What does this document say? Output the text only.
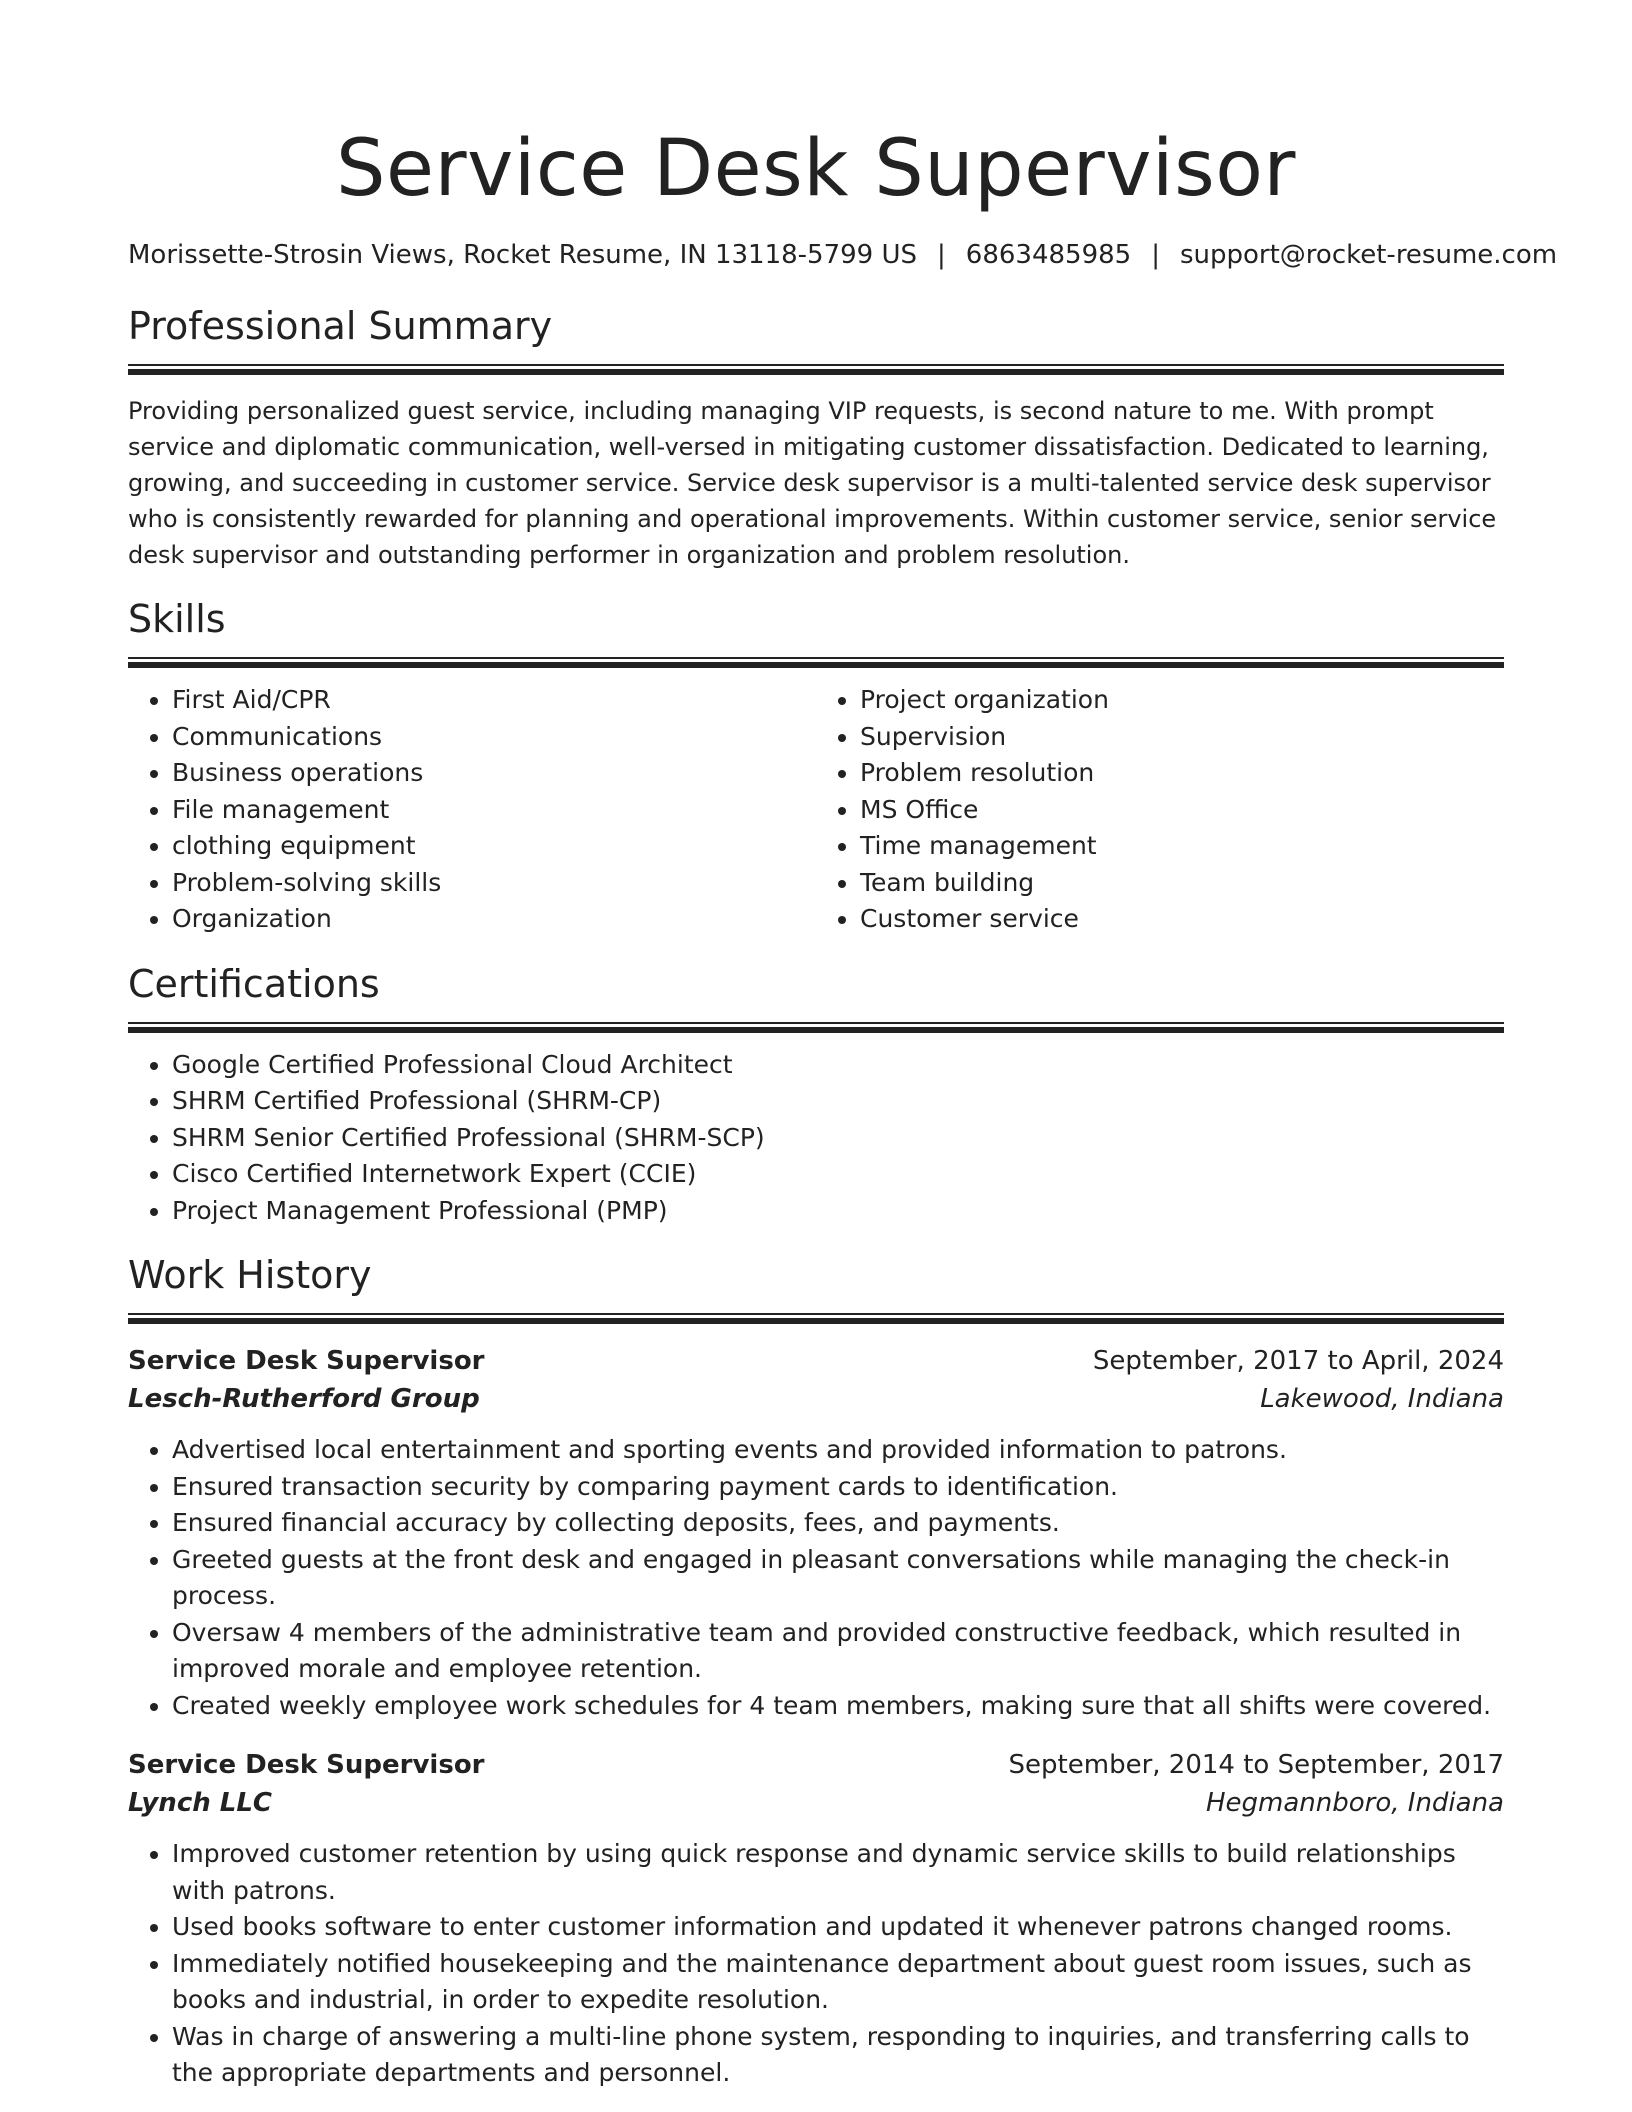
Service Desk Supervisor
Morissette-Strosin Views, Rocket Resume, IN 13118-5799 US | 6863485985 | support@rocket-resume.com
Professional Summary

Providing personalized guest service, including managing VIP requests, is second nature to me. With prompt service and diplomatic communication, well-versed in mitigating customer dissatisfaction. Dedicated to learning, growing, and succeeding in customer service. Service desk supervisor is a multi-talented service desk supervisor who is consistently rewarded for planning and operational improvements. Within customer service, senior service desk supervisor and outstanding performer in organization and problem resolution.

Skills
• First Aid/CPR
• Communications
• Business operations
• File management
• clothing equipment
• Problem-solving skills
• Organization
• Project organization
• Supervision
• Problem resolution
• MS Office
• Time management
• Team building
• Customer service
Certifications
• Google Certified Professional Cloud Architect
• SHRM Certified Professional (SHRM-CP)
• SHRM Senior Certified Professional (SHRM-SCP)
• Cisco Certified Internetwork Expert (CCIE)
• Project Management Professional (PMP)
Work History
Service Desk Supervisor	September, 2017 to April, 2024
Lesch-Rutherford Group	Lakewood, Indiana
• Advertised local entertainment and sporting events and provided information to patrons.
• Ensured transaction security by comparing payment cards to identification.
• Ensured financial accuracy by collecting deposits, fees, and payments.
• Greeted guests at the front desk and engaged in pleasant conversations while managing the check-in process.
• Oversaw 4 members of the administrative team and provided constructive feedback, which resulted in improved morale and employee retention.
• Created weekly employee work schedules for 4 team members, making sure that all shifts were covered.
Service Desk Supervisor	September, 2014 to September, 2017
Lynch LLC	Hegmannboro, Indiana
• Improved customer retention by using quick response and dynamic service skills to build relationships with patrons.
• Used books software to enter customer information and updated it whenever patrons changed rooms.
• Immediately notified housekeeping and the maintenance department about guest room issues, such as books and industrial, in order to expedite resolution.
• Was in charge of answering a multi-line phone system, responding to inquiries, and transferring calls to the appropriate departments and personnel.
